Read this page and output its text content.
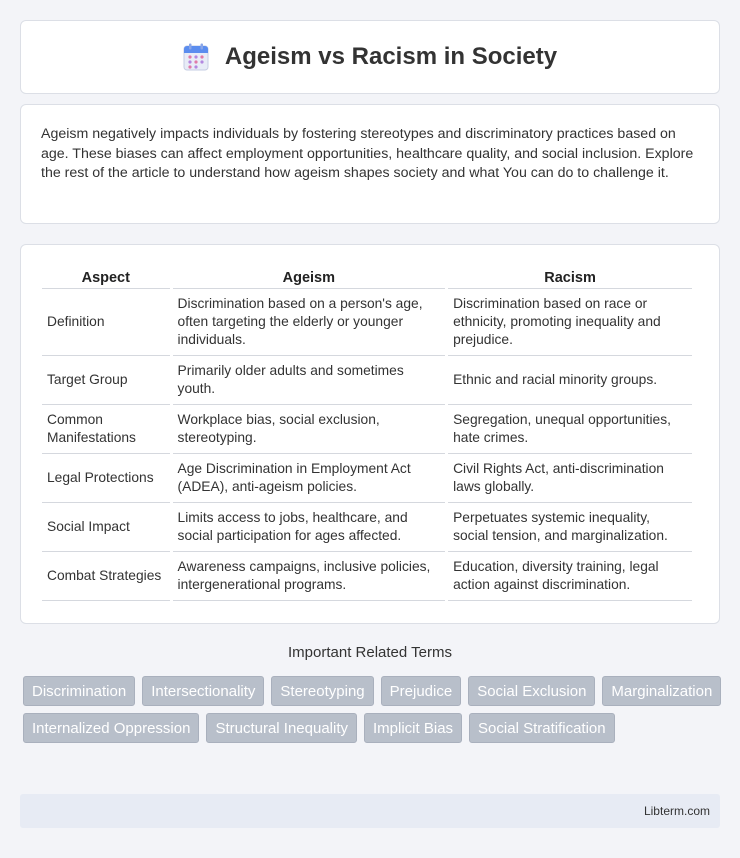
Ageism vs Racism in Society

Ageism negatively impacts individuals by fostering stereotypes and discriminatory practices based on age. These biases can affect employment opportunities, healthcare quality, and social inclusion. Explore the rest of the article to understand how ageism shapes society and what You can do to challenge it.

Aspect	Ageism	Racism
Definition	Discrimination based on a person's age, often targeting the elderly or younger individuals.	Discrimination based on race or ethnicity, promoting inequality and prejudice.
Target Group	Primarily older adults and sometimes youth.	Ethnic and racial minority groups.
Common Manifestations	Workplace bias, social exclusion, stereotyping.	Segregation, unequal opportunities, hate crimes.
Legal Protections	Age Discrimination in Employment Act (ADEA), anti-ageism policies.	Civil Rights Act, anti-discrimination laws globally.
Social Impact	Limits access to jobs, healthcare, and social participation for ages affected.	Perpetuates systemic inequality, social tension, and marginalization.
Combat Strategies	Awareness campaigns, inclusive policies, intergenerational programs.	Education, diversity training, legal action against discrimination.
Important Related Terms
Discrimination	Intersectionality	Stereotyping	Prejudice	Social Exclusion	Marginalization
Internalized Oppression	Structural Inequality	Implicit Bias	Social Stratification
Libterm.com
